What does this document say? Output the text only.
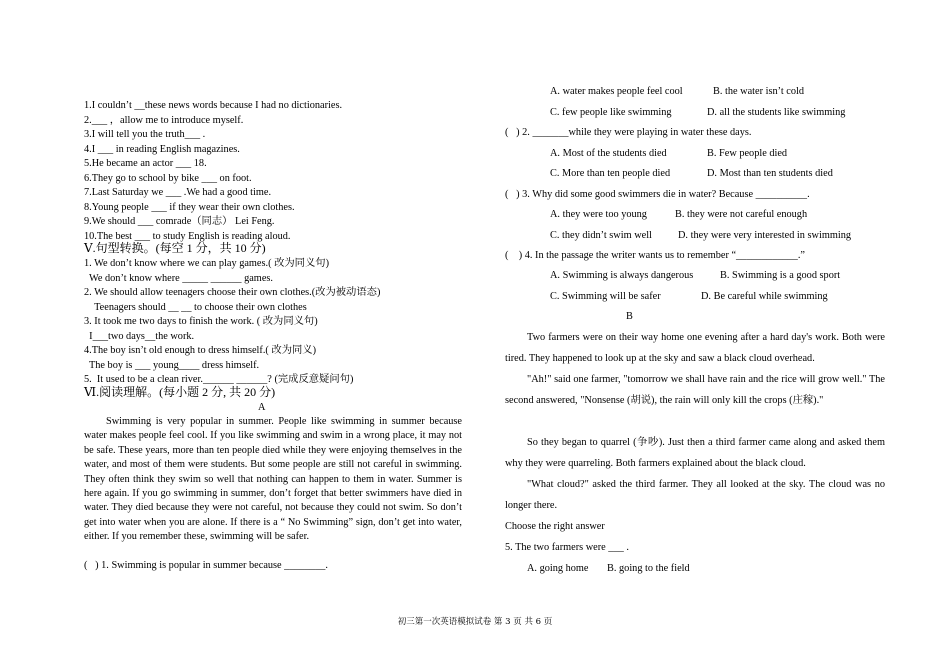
1.I couldn’t __these news words because I had no dictionaries.
2.___ ，allow me to introduce myself.
3.I will tell you the truth___ .
4.I ___ in reading English magazines.
5.He became an actor ___ 18.
6.They go to school by bike ___ on foot.
7.Last Saturday we ___ .We had a good time.
8.Young people ___ if they wear their own clothes.
9.We should ___ comrade（同志） Lei Feng.
10.The best ___ to study English is reading aloud.
Ⅴ.句型转换。(每空 1 分，共 10 分)
1. We don’t know where we can play games.( 改为同义句)
We don’t know where _____ ______ games.
2. We should allow teenagers choose their own clothes.(改为被动语态)
Teenagers should __ __ to choose their own clothes
3. It took me two days to finish the work. ( 改为同义句)
I___two days__the work.
4.The boy isn’t old enough to dress himself.( 改为同义)
The boy is ___ young____ dress himself.
5.  It used to be a clean river.______ ______? (完成反意疑问句)
Ⅵ.阅读理解。(每小题 2 分, 共 20 分)
A
Swimming is very popular in summer. People like swimming in summer because water makes people feel cool. If you like swimming and swim in a wrong place, it may not be safe. These years, more than ten people died while they were enjoying themselves in the water, and most of them were students. But some people are still not careful in swimming. They often think they swim so well that nothing can happen to them in water. Summer is here again. If you go swimming in summer, don’t forget that better swimmers have died in water. They died because they were not careful, not because they could not swim. So don’t get into water when you are alone. If there is a “ No Swimming” sign, don’t get into water, either. If you remember these, swimming will be safer.
(   ) 1. Swimming is popular in summer because ________.
A. water makes people feel cool	B. the water isn’t cold
C. few people like swimming	D. all the students like swimming
(   ) 2. _______while they were playing in water these days.
A. Most of the students died	B. Few people died
C. More than ten people died	D. Most than ten students died
(   ) 3. Why did some good swimmers die in water? Because __________.
A. they were too young	B. they were not careful enough
C. they didn’t swim well	D. they were very interested in swimming
(    ) 4. In the passage the writer wants us to remember “____________.”
A. Swimming is always dangerous	B. Swimming is a good sport
C. Swimming will be safer	D. Be careful while swimming
B
Two farmers were on their way home one evening after a hard day's work. Both were tired. They happened to look up at the sky and saw a black cloud overhead.
"Ah!" said one farmer, "tomorrow we shall have rain and the rice will grow well." The second answered, "Nonsense (胡说), the rain will only kill the crops (庄稼)."
So they began to quarrel (争吵). Just then a third farmer came along and asked them why they were quarreling. Both farmers explained about the black cloud.
"What cloud?" asked the third farmer. They all looked at the sky. The cloud was no longer there.
Choose the right answer
5. The two farmers were ___ .
A. going home B. going to the field
初三第一次英语模拟试卷 第 3 页 共 6 页
